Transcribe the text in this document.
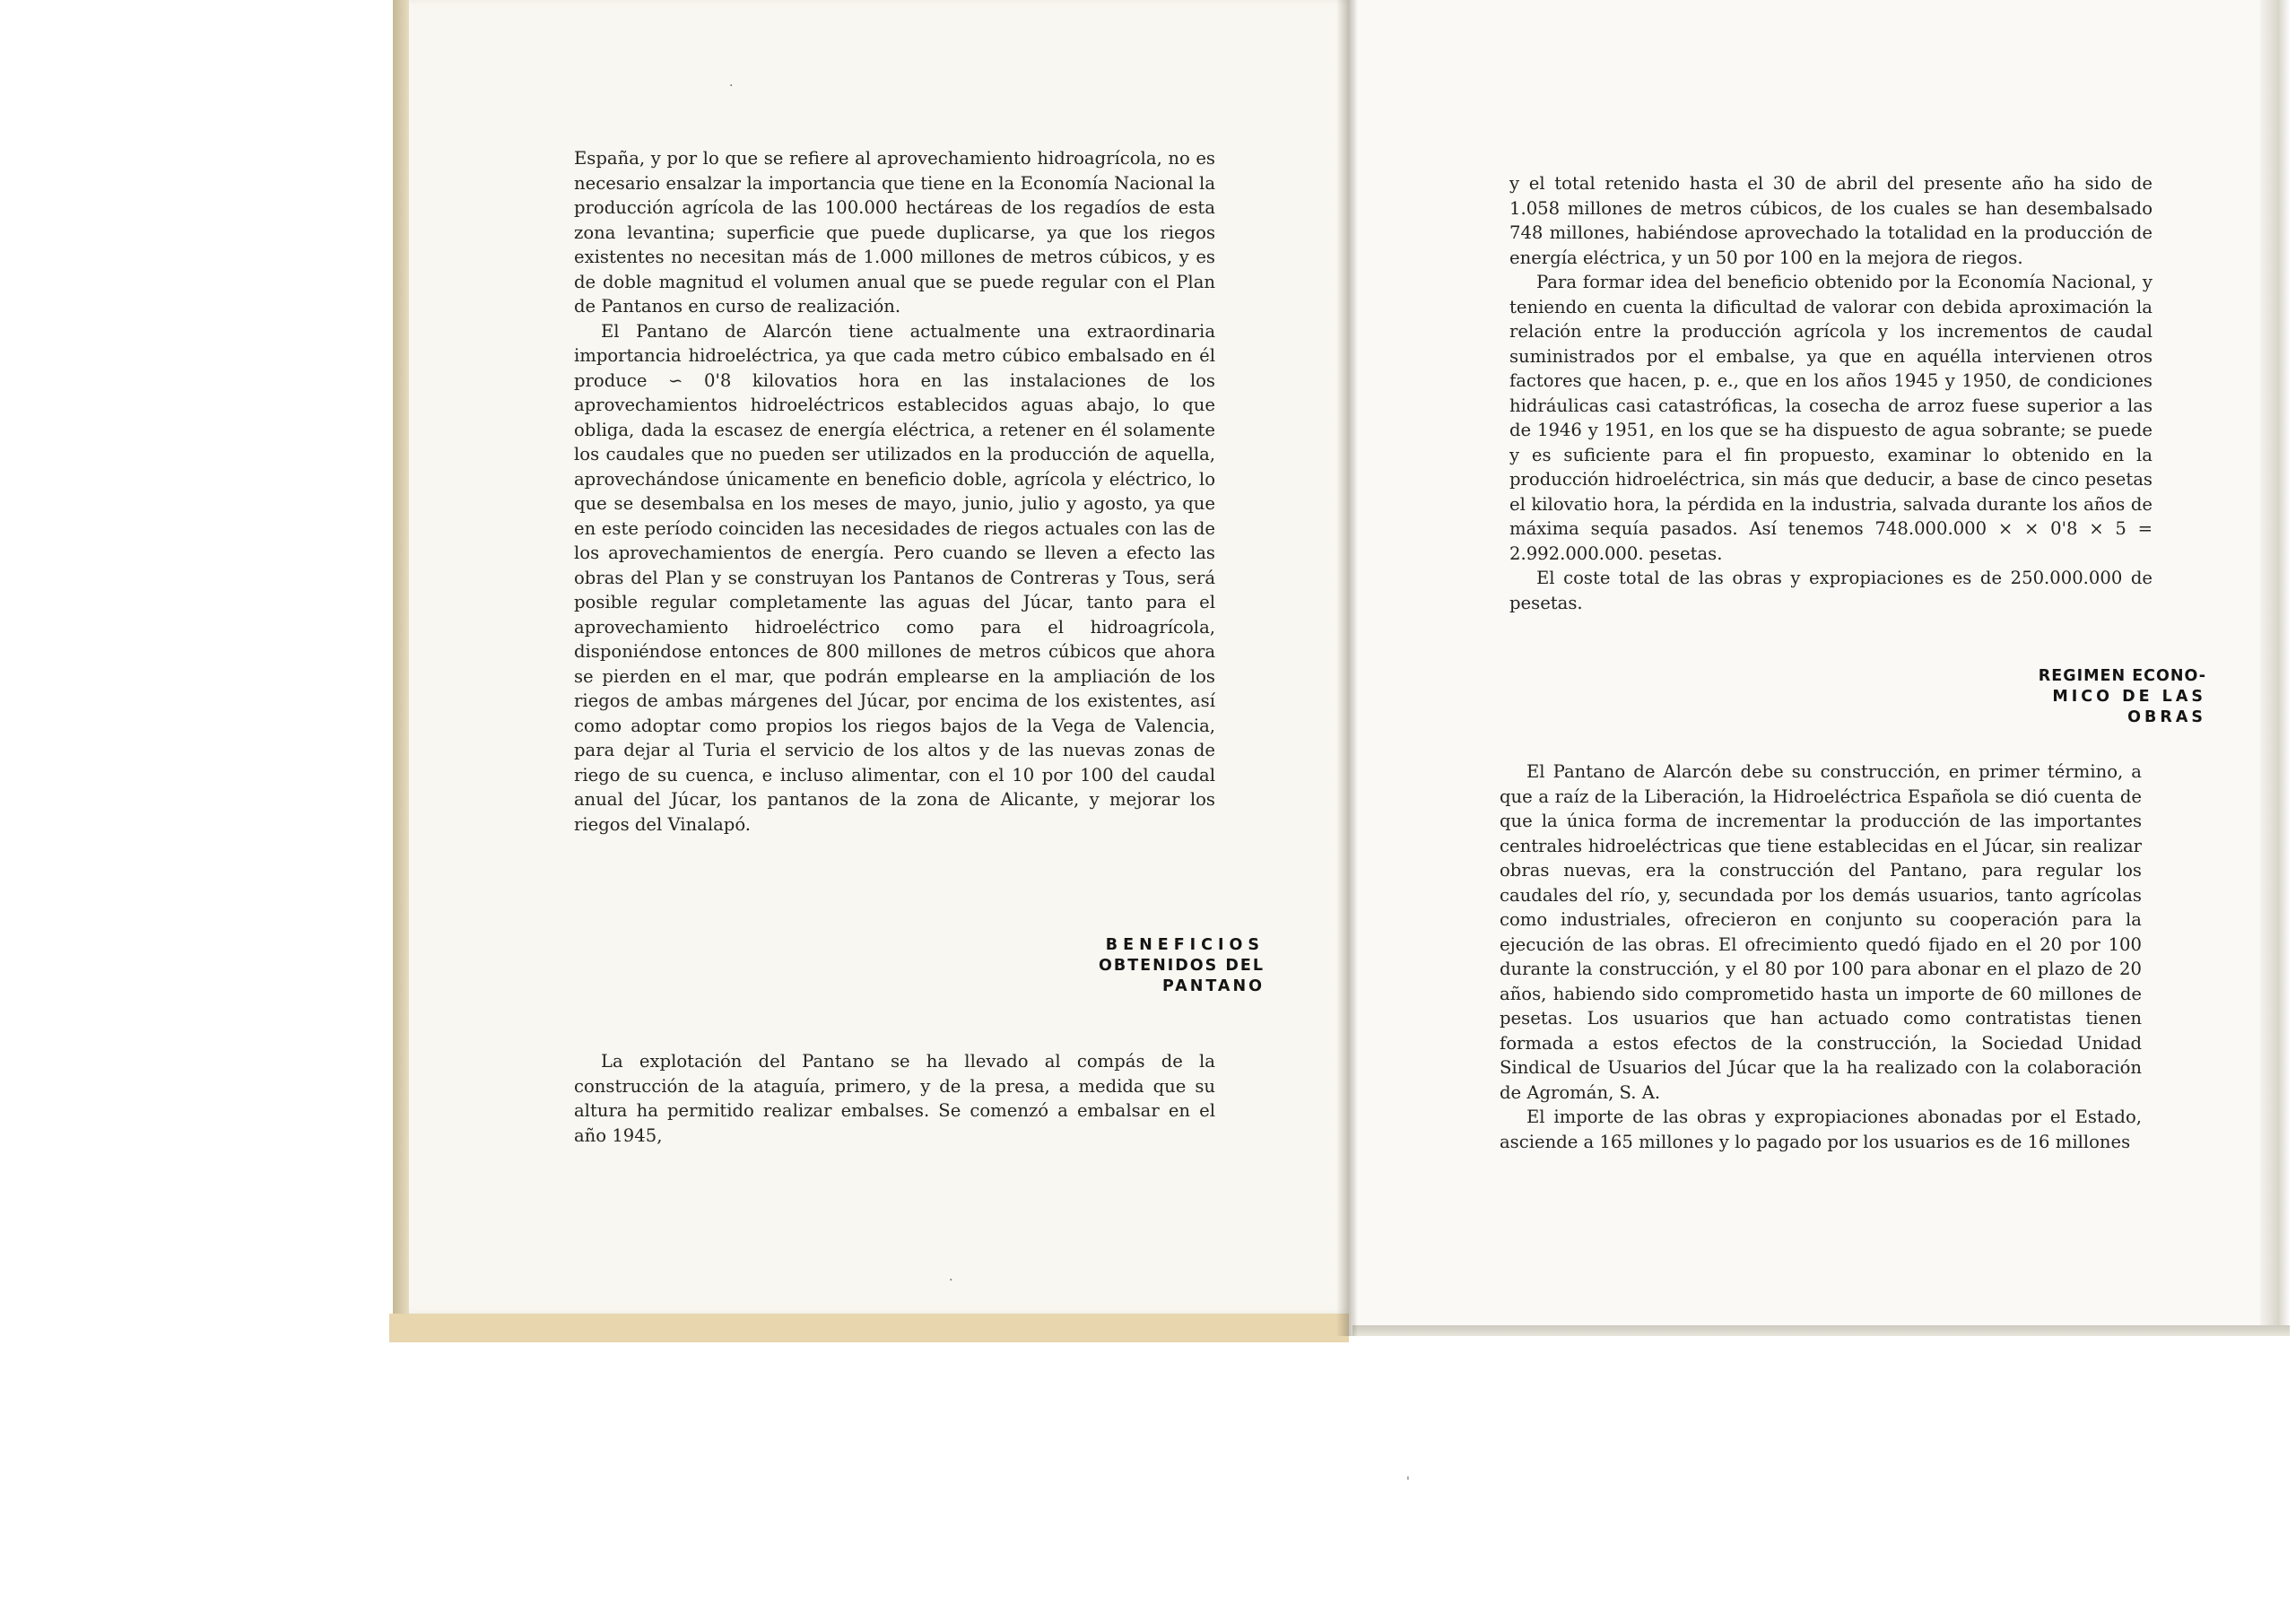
·
·
'

España, y por lo que se refiere al aprovechamiento hidroagrícola, no es necesario ensalzar la importancia que tiene en la Economía Nacional la producción agrícola de las 100.000 hectáreas de los regadíos de esta zona levantina; superficie que puede duplicarse, ya que los riegos existentes no necesitan más de 1.000 millones de metros cúbicos, y es de doble magnitud el volumen anual que se puede regular con el Plan de Pantanos en curso de realización.

El Pantano de Alarcón tiene actualmente una extraordinaria importancia hidroeléctrica, ya que cada metro cúbico embalsado en él produce ∽ 0'8 kilovatios hora en las instalaciones de los aprovechamientos hidroeléctricos establecidos aguas abajo, lo que obliga, dada la escasez de energía eléctrica, a retener en él solamente los caudales que no pueden ser utilizados en la producción de aquella, aprovechándose únicamente en beneficio doble, agrícola y eléctrico, lo que se desembalsa en los meses de mayo, junio, julio y agosto, ya que en este período coinciden las necesidades de riegos actuales con las de los aprovechamientos de energía. Pero cuando se lleven a efecto las obras del Plan y se construyan los Pantanos de Contreras y Tous, será posible regular completamente las aguas del Júcar, tanto para el aprovechamiento hidroeléctrico como para el hidroagrícola, disponiéndose entonces de 800 millones de metros cúbicos que ahora se pierden en el mar, que podrán emplearse en la ampliación de los riegos de ambas márgenes del Júcar, por encima de los existentes, así como adoptar como propios los riegos bajos de la Vega de Valencia, para dejar al Turia el servicio de los altos y de las nuevas zonas de riego de su cuenca, e incluso alimentar, con el 10 por 100 del caudal anual del Júcar, los pantanos de la zona de Alicante, y mejorar los riegos del Vinalapó.

BENEFICIOS
OBTENIDOS DEL
PANTANO

La explotación del Pantano se ha llevado al compás de la construcción de la ataguía, primero, y de la presa, a medida que su altura ha permitido realizar embalses. Se comenzó a embalsar en el año 1945,

y el total retenido hasta el 30 de abril del presente año ha sido de 1.058 millones de metros cúbicos, de los cuales se han desembalsado 748 millones, habiéndose aprovechado la totalidad en la producción de energía eléctrica, y un 50 por 100 en la mejora de riegos.

Para formar idea del beneficio obtenido por la Economía Nacional, y teniendo en cuenta la dificultad de valorar con debida aproximación la relación entre la producción agrícola y los incrementos de caudal suministrados por el embalse, ya que en aquélla intervienen otros factores que hacen, p. e., que en los años 1945 y 1950, de condiciones hidráulicas casi catastróficas, la cosecha de arroz fuese superior a las de 1946 y 1951, en los que se ha dispuesto de agua sobrante; se puede y es suficiente para el fin propuesto, examinar lo obtenido en la producción hidroeléctrica, sin más que deducir, a base de cinco pesetas el kilovatio hora, la pérdida en la industria, salvada durante los años de máxima sequía pasados. Así tenemos 748.000.000 × × 0'8 × 5 = 2.992.000.000. pesetas.

El coste total de las obras y expropiaciones es de 250.000.000 de pesetas.

REGIMEN ECONO-
MICO DE LAS
OBRAS

El Pantano de Alarcón debe su construcción, en primer término, a que a raíz de la Liberación, la Hidroeléctrica Española se dió cuenta de que la única forma de incrementar la producción de las importantes centrales hidroeléctricas que tiene establecidas en el Júcar, sin realizar obras nuevas, era la construcción del Pantano, para regular los caudales del río, y, secundada por los demás usuarios, tanto agrícolas como industriales, ofrecieron en conjunto su cooperación para la ejecución de las obras. El ofrecimiento quedó fijado en el 20 por 100 durante la construcción, y el 80 por 100 para abonar en el plazo de 20 años, habiendo sido comprometido hasta un importe de 60 millones de pesetas. Los usuarios que han actuado como contratistas tienen formada a estos efectos de la construcción, la Sociedad Unidad Sindical de Usuarios del Júcar que la ha realizado con la colaboración de Agromán, S. A.

El importe de las obras y expropiaciones abonadas por el Estado, asciende a 165 millones y lo pagado por los usuarios es de 16 millones
